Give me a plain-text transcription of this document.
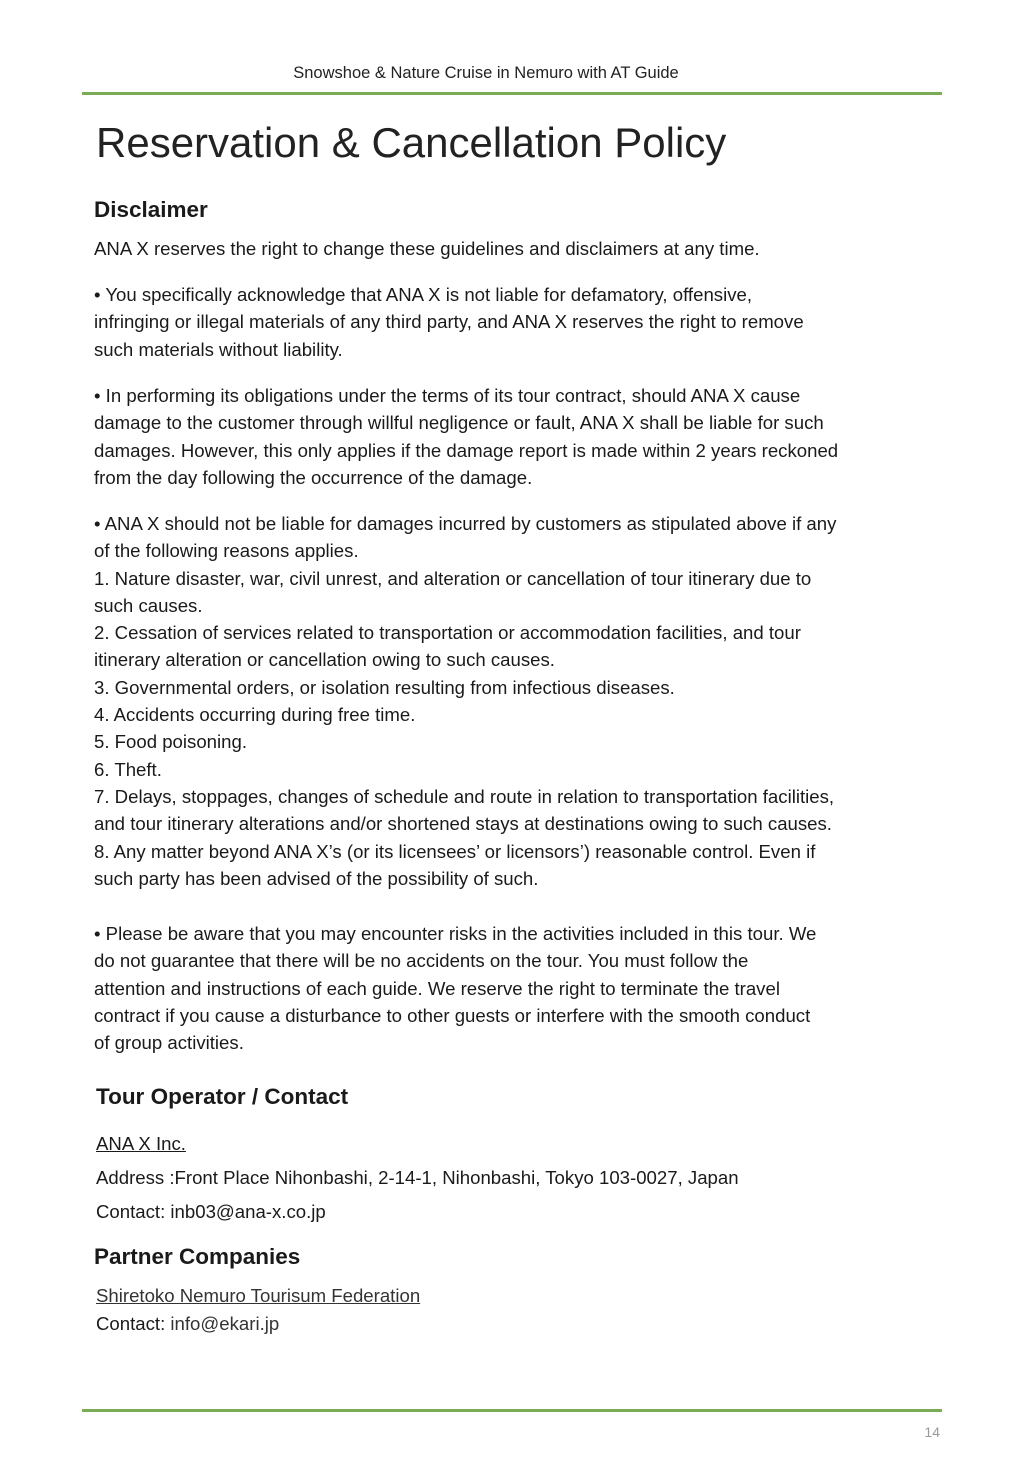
Snowshoe & Nature Cruise in Nemuro with AT Guide
Reservation & Cancellation Policy
Disclaimer

ANA X reserves the right to change these guidelines and disclaimers at any time.

• You specifically acknowledge that ANA X is not liable for defamatory, offensive,
infringing or illegal materials of any third party, and ANA X reserves the right to remove
such materials without liability.

• In performing its obligations under the terms of its tour contract, should ANA X cause
damage to the customer through willful negligence or fault, ANA X shall be liable for such
damages. However, this only applies if the damage report is made within 2 years reckoned
from the day following the occurrence of the damage.

• ANA X should not be liable for damages incurred by customers as stipulated above if any
of the following reasons applies.
1. Nature disaster, war, civil unrest, and alteration or cancellation of tour itinerary due to
such causes.
2. Cessation of services related to transportation or accommodation facilities, and tour
itinerary alteration or cancellation owing to such causes.
3. Governmental orders, or isolation resulting from infectious diseases.
4. Accidents occurring during free time.
5. Food poisoning.
6. Theft.
7. Delays, stoppages, changes of schedule and route in relation to transportation facilities,
and tour itinerary alterations and/or shortened stays at destinations owing to such causes.
8. Any matter beyond ANA X’s (or its licensees’ or licensors’) reasonable control. Even if
such party has been advised of the possibility of such.

• Please be aware that you may encounter risks in the activities included in this tour. We
do not guarantee that there will be no accidents on the tour. You must follow the
attention and instructions of each guide. We reserve the right to terminate the travel
contract if you cause a disturbance to other guests or interfere with the smooth conduct
of group activities.

Tour Operator / Contact

ANA X Inc.

Address :Front Place Nihonbashi, 2-14-1, Nihonbashi, Tokyo 103-0027, Japan

Contact: inb03@ana-x.co.jp

Partner Companies

Shiretoko Nemuro Tourisum Federation

Contact: info@ekari.jp

14
